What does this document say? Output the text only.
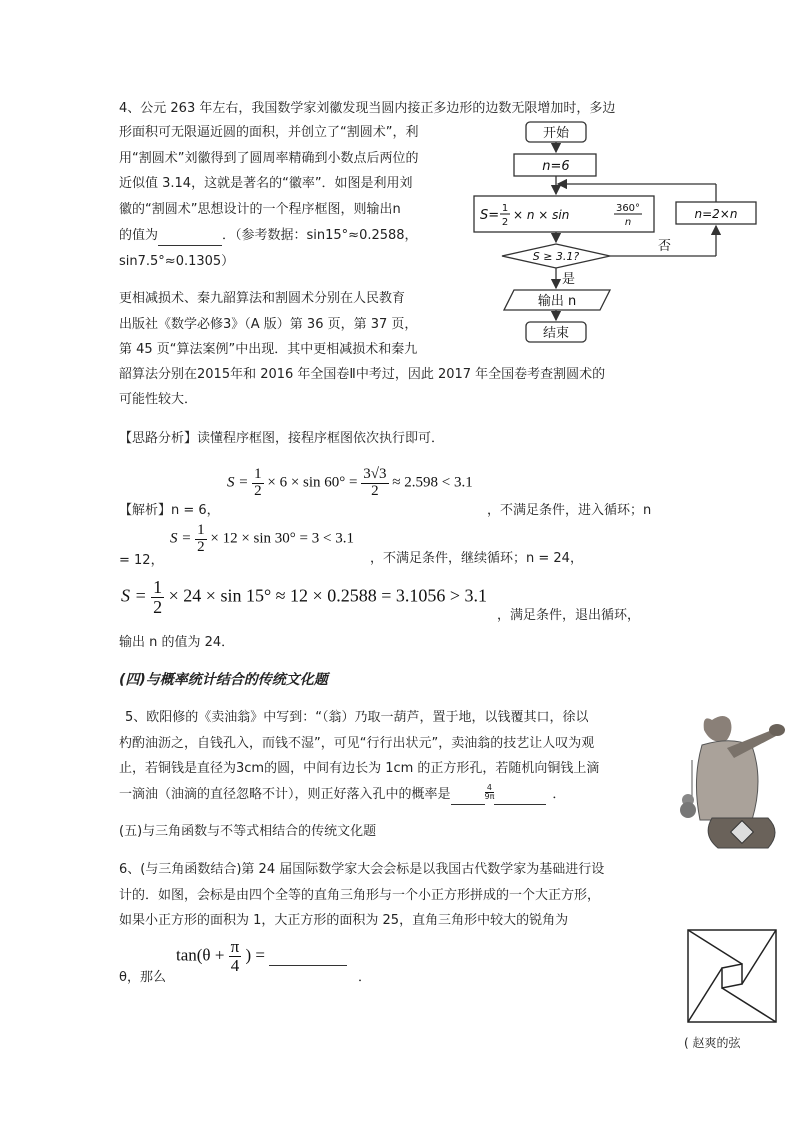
4、公元 263 年左右，我国数学家刘徽发现当圆内接正多边形的边数无限增加时，多边
形面积可无限逼近圆的面积，并创立了“割圆术”，利
用“割圆术”刘徽得到了圆周率精确到小数点后两位的
近似值 3.14，这就是著名的“徽率”．如图是利用刘
徽的“割圆术”思想设计的一个程序框图，则输出n
的值为	．（参考数据：sin15°≈0.2588，
sin7.5°≈0.1305）
更相减损术、秦九韶算法和割圆术分别在人民教育
出版社《数学必修3》（A 版）第 36 页，第 37 页，
第 45 页“算法案例”中出现．其中更相减损术和秦九
韶算法分别在2015年和 2016 年全国卷Ⅱ中考过，因此 2017 年全国卷考查割圆术的
可能性较大．
【思路分析】读懂程序框图，接程序框图依次执行即可．
开始
n=6
S= 1
2
× n × sin	360°
n
S ≥ 3.1?
否
n=2×n
是
输出 n
结束
$S = \frac{1}{2} \times 6 \times \sin 60^\circ = \frac{3√3}{2} \approx 2.598 < 3.1$
【解析】n = 6，	，不满足条件，进入循环；n
$S = \frac{1}{2} \times 12 \times \sin 30^\circ = 3 < 3.1$
= 12，	，不满足条件，继续循环；n = 24，
$S = \frac{1}{2} \times 24 \times \sin 15^\circ \approx 12 \times 0.2588 = 3.1056 > 3.1$
，满足条件，退出循环，
输出 n 的值为 24．
(四)与概率统计结合的传统文化题
5、欧阳修的《卖油翁》中写到：“（翁）乃取一葫芦，置于地，以钱覆其口，徐以
杓酌油沥之，自钱孔入，而钱不湿”，可见“行行出状元”，卖油翁的技艺让人叹为观
止，若铜钱是直径为3cm的圆，中间有边长为 1cm 的正方形孔，若随机向铜钱上滴
一滴油（油滴的直径忽略不计），则正好落入孔中的概率是	$\frac{4}{9\pi}$	．
(五)与三角函数与不等式相结合的传统文化题
6、(与三角函数结合)第 24 届国际数学家大会会标是以我国古代数学家为基础进行设
计的．如图，会标是由四个全等的直角三角形与一个小正方形拼成的一个大正方形，
如果小正方形的面积为 1，大正方形的面积为 25，直角三角形中较大的锐角为
$\tan(\theta + \frac{\pi}{4}$ ) =
θ，那么	．
( 赵爽的弦
